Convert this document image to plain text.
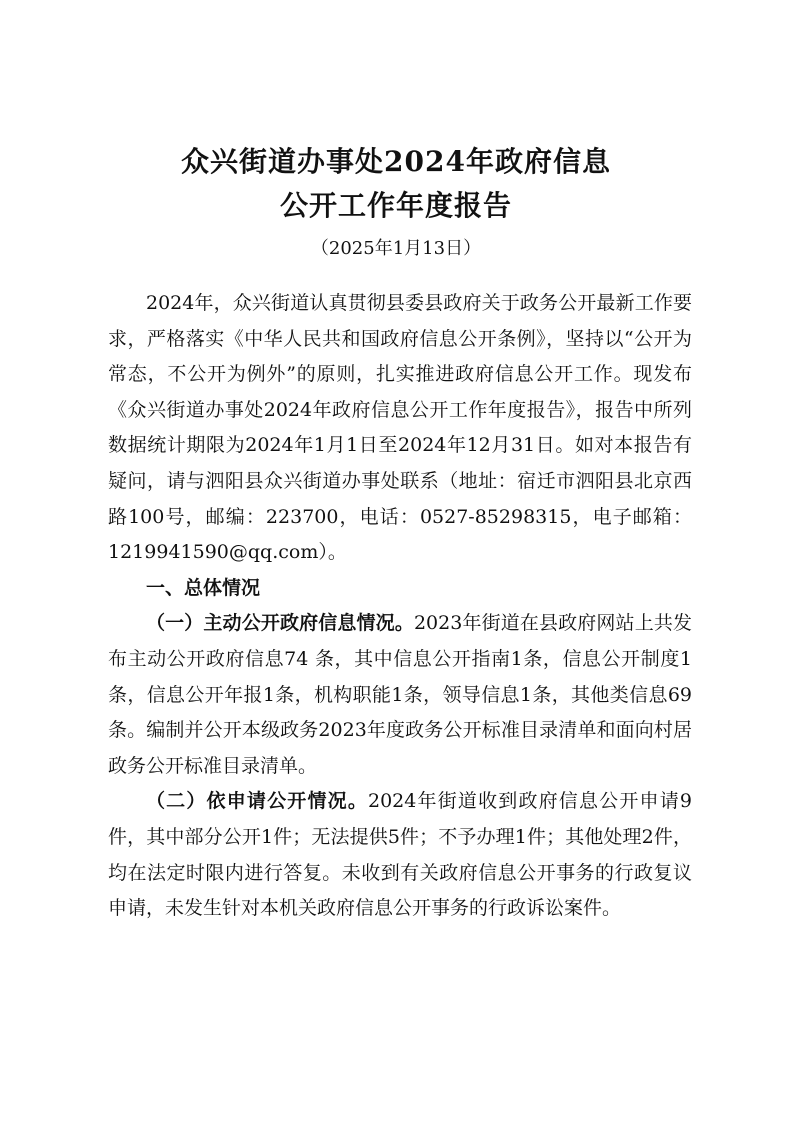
众兴街道办事处2024年政府信息
公开工作年度报告
（2025年1月13日）

2024年，众兴街道认真贯彻县委县政府关于政务公开最新工作要求，严格落实《中华人民共和国政府信息公开条例》，坚持以“公开为常态，不公开为例外”的原则，扎实推进政府信息公开工作。现发布《众兴街道办事处2024年政府信息公开工作年度报告》，报告中所列数据统计期限为2024年1月1日至2024年12月31日。如对本报告有疑问，请与泗阳县众兴街道办事处联系（地址：宿迁市泗阳县北京西路100号，邮编：223700，电话：0527-85298315，电子邮箱：1219941590@qq.com）。

一、总体情况

（一）主动公开政府信息情况。2023年街道在县政府网站上共发布主动公开政府信息74 条，其中信息公开指南1条，信息公开制度1条，信息公开年报1条，机构职能1条，领导信息1条，其他类信息69条。编制并公开本级政务2023年度政务公开标准目录清单和面向村居政务公开标准目录清单。

（二）依申请公开情况。2024年街道收到政府信息公开申请9件，其中部分公开1件；无法提供5件；不予办理1件；其他处理2件，均在法定时限内进行答复。未收到有关政府信息公开事务的行政复议申请，未发生针对本机关政府信息公开事务的行政诉讼案件。
